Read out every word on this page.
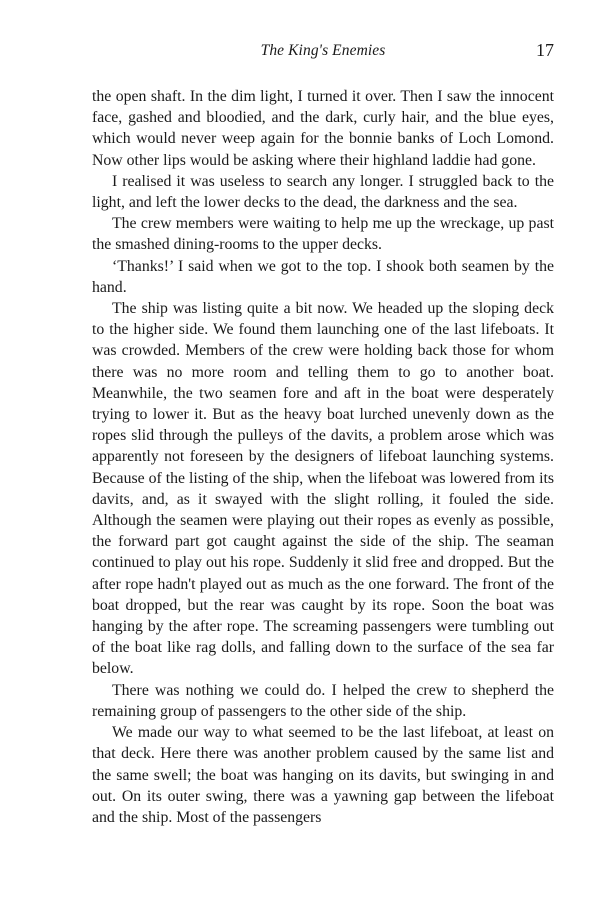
The King's Enemies	17

the open shaft. In the dim light, I turned it over. Then I saw the innocent face, gashed and bloodied, and the dark, curly hair, and the blue eyes, which would never weep again for the bonnie banks of Loch Lomond. Now other lips would be asking where their highland laddie had gone.

I realised it was useless to search any longer. I struggled back to the light, and left the lower decks to the dead, the darkness and the sea.

The crew members were waiting to help me up the wreckage, up past the smashed dining-rooms to the upper decks.

‘Thanks!’ I said when we got to the top. I shook both seamen by the hand.

The ship was listing quite a bit now. We headed up the sloping deck to the higher side. We found them launching one of the last lifeboats. It was crowded. Members of the crew were holding back those for whom there was no more room and telling them to go to another boat. Meanwhile, the two seamen fore and aft in the boat were desperately trying to lower it. But as the heavy boat lurched unevenly down as the ropes slid through the pulleys of the davits, a problem arose which was apparently not foreseen by the designers of lifeboat launching systems. Because of the listing of the ship, when the lifeboat was lowered from its davits, and, as it swayed with the slight rolling, it fouled the side. Although the seamen were playing out their ropes as evenly as possible, the forward part got caught against the side of the ship. The seaman continued to play out his rope. Suddenly it slid free and dropped. But the after rope hadn't played out as much as the one forward. The front of the boat dropped, but the rear was caught by its rope. Soon the boat was hanging by the after rope. The screaming passengers were tumbling out of the boat like rag dolls, and falling down to the surface of the sea far below.

There was nothing we could do. I helped the crew to shepherd the remaining group of passengers to the other side of the ship.

We made our way to what seemed to be the last lifeboat, at least on that deck. Here there was another problem caused by the same list and the same swell; the boat was hanging on its davits, but swinging in and out. On its outer swing, there was a yawning gap between the lifeboat and the ship. Most of the passengers
